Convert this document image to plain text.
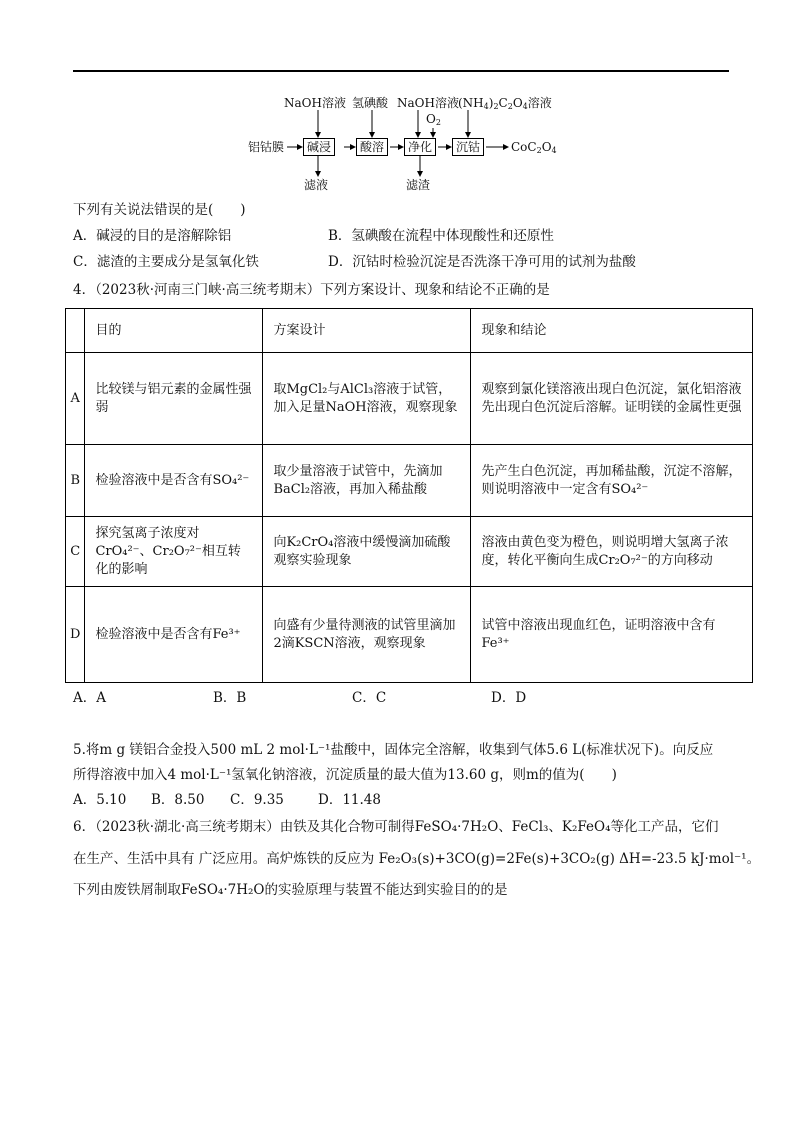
NaOH溶液 氢碘酸 NaOH溶液 $(NH_4)_2C_2O_4$溶液
$O_2$
铝钴膜	碱浸	酸溶	净化	沉钴	$CoC_2O_4$
滤液	滤渣
下列有关说法错误的是(　　)
A．碱浸的目的是溶解除铝	B．氢碘酸在流程中体现酸性和还原性
C．滤渣的主要成分是氢氧化铁	D．沉钴时检验沉淀是否洗涤干净可用的试剂为盐酸
4．（2023秋·河南三门峡·高三统考期末）下列方案设计、现象和结论不正确的是
	目的	方案设计	现象和结论
A	比较镁与铝元素的金属性强弱	取MgCl₂与AlCl₃溶液于试管，加入足量NaOH溶液，观察现象	观察到氯化镁溶液出现白色沉淀，氯化铝溶液先出现白色沉淀后溶解。证明镁的金属性更强
B	检验溶液中是否含有SO₄²⁻	取少量溶液于试管中，先滴加BaCl₂溶液，再加入稀盐酸	先产生白色沉淀，再加稀盐酸，沉淀不溶解，则说明溶液中一定含有SO₄²⁻
C	探究氢离子浓度对CrO₄²⁻、Cr₂O₇²⁻相互转化的影响	向K₂CrO₄溶液中缓慢滴加硫酸观察实验现象	溶液由黄色变为橙色，则说明增大氢离子浓度，转化平衡向生成Cr₂O₇²⁻的方向移动
D	检验溶液中是否含有Fe³⁺	向盛有少量待测液的试管里滴加2滴KSCN溶液，观察现象	试管中溶液出现血红色，证明溶液中含有Fe³⁺
A．A	B．B	C．C	D．D
5.将m g 镁铝合金投入500 mL 2 mol·L⁻¹盐酸中，固体完全溶解，收集到气体5.6 L(标准状况下)。向反应
所得溶液中加入4 mol·L⁻¹氢氧化钠溶液，沉淀质量的最大值为13.60 g，则m的值为(　　)
A．5.10 B．8.50 C．9.35	D．11.48
6．（2023秋·湖北·高三统考期末）由铁及其化合物可制得FeSO₄·7H₂O、FeCl₃、K₂FeO₄等化工产品，它们
在生产、生活中具有 广泛应用。高炉炼铁的反应为 Fe₂O₃(s)+3CO(g)=2Fe(s)+3CO₂(g) ΔH=-23.5 kJ·mol⁻¹。
下列由废铁屑制取FeSO₄·7H₂O的实验原理与装置不能达到实验目的的是
